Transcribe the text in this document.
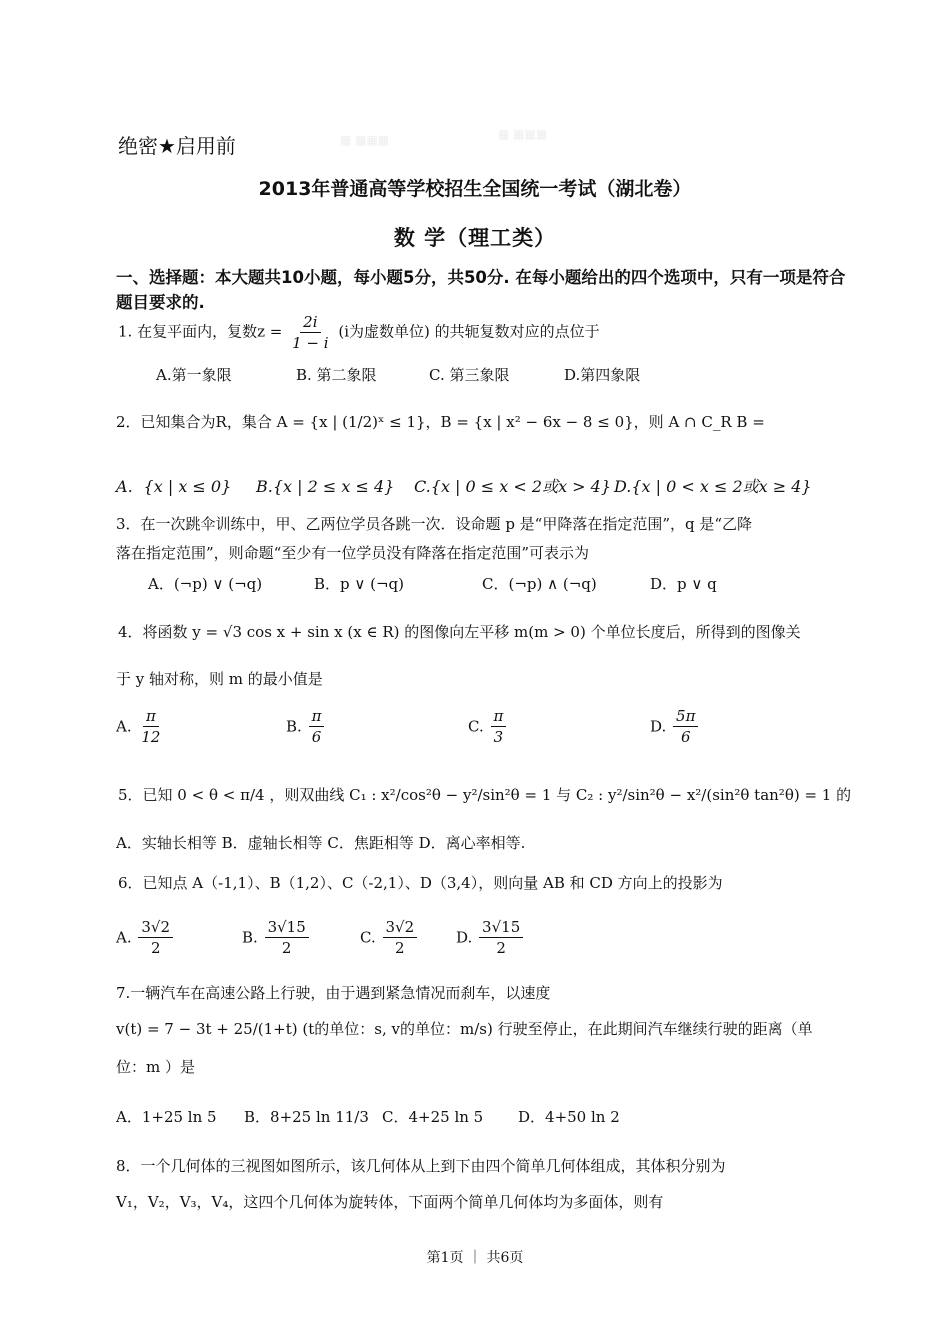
▦ ▦▦▦	▦ ▦▦▦
绝密★启用前
2013年普通高等学校招生全国统一考试（湖北卷）
数 学（理工类）
一、选择题：本大题共10小题，每小题5分，共50分. 在每小题给出的四个选项中，只有一项是符合题目要求的.
1. 在复平面内，复数$z = \frac{2i}{1 - i} (i$为虚数单位) 的共轭复数对应的点位于
A.第一象限	B. 第二象限	C. 第三象限	D.第四象限
2．已知集合为R，集合 A = {x | (1/2)ˣ ≤ 1}，B = {x | x² − 6x − 8 ≤ 0}，则 A ∩ C_R B =
A．{x | x ≤ 0} B.{x | 2 ≤ x ≤ 4} C.{x | 0 ≤ x < 2或x > 4} D.{x | 0 < x ≤ 2或x ≥ 4}
3．在一次跳伞训练中，甲、乙两位学员各跳一次．设命题 p 是“甲降落在指定范围”，q 是“乙降
落在指定范围”，则命题“至少有一位学员没有降落在指定范围”可表示为
A．(¬p) ∨ (¬q)	B．p ∨ (¬q)	C．(¬p) ∧ (¬q)	D．p ∨ q
4．将函数 y = √3 cos x + sin x (x ∈ R) 的图像向左平移 m(m > 0) 个单位长度后，所得到的图像关
于 y 轴对称，则 m 的最小值是
A. $\frac{\pi}{12}$	B. $\frac{\pi}{6}$	C. $\frac{\pi}{3}$	D. $\frac{5\pi}{6}$
5．已知 0 < θ < π/4 ，则双曲线 C₁ : x²/cos²θ − y²/sin²θ = 1 与 C₂ : y²/sin²θ − x²/(sin²θ tan²θ) = 1 的
A．实轴长相等 B．虚轴长相等 C．焦距相等 D．离心率相等.
6．已知点 A（-1,1）、B（1,2）、C（-2,1）、D（3,4），则向量 AB 和 CD 方向上的投影为
A. $\frac{3√2}{2}$	B. $\frac{3√15}{2}$	C. $\frac{3√2}{2}$	D. $\frac{3√15}{2}$
7.一辆汽车在高速公路上行驶，由于遇到紧急情况而刹车，以速度
v(t) = 7 − 3t + 25/(1+t) (t的单位：s, v的单位：m/s) 行驶至停止，在此期间汽车继续行驶的距离（单
位：m ）是
A．1+25 ln 5 B．8+25 ln 11/3 C．4+25 ln 5 D．4+50 ln 2
8．一个几何体的三视图如图所示，该几何体从上到下由四个简单几何体组成，其体积分别为
V₁，V₂，V₃，V₄，这四个几何体为旋转体，下面两个简单几何体均为多面体，则有
第1页 ｜ 共6页
